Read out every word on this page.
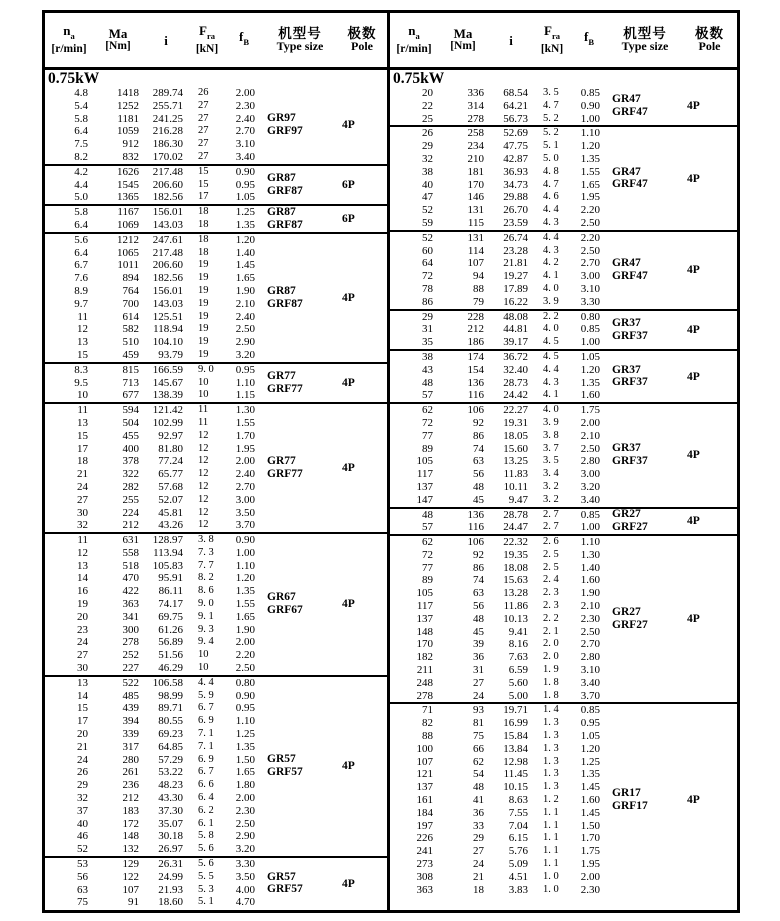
$n_a$
[r/min]
Ma
[Nm]	i
$F_{ra}$
[kN]
$f_B$
机型号
Type size
极数
Pole
0.75kW
4.8	1418	289.74	26	2.00
5.4	1252	255.71	27	2.30
5.8	1181	241.25	27	2.40
6.4	1059	216.28	27	2.70
7.5	912	186.30	27	3.10
8.2	832	170.02	27	3.40
GR97
GRF97	4P
4.2	1626	217.48	15	0.90
4.4	1545	206.60	15	0.95
5.0	1365	182.56	17	1.05
GR87
GRF87	6P
5.8	1167	156.01	18	1.25
6.4	1069	143.03	18	1.35
GR87
GRF87	6P
5.6	1212	247.61	18	1.20
6.4	1065	217.48	18	1.40
6.7	1011	206.60	19	1.45
7.6	894	182.56	19	1.65
8.9	764	156.01	19	1.90
9.7	700	143.03	19	2.10
11	614	125.51	19	2.40
12	582	118.94	19	2.50
13	510	104.10	19	2.90
15	459	93.79	19	3.20
GR87
GRF87	4P
8.3	815	166.59	9. 0	0.95
9.5	713	145.67	10	1.10
10	677	138.39	10	1.15
GR77
GRF77	4P
11	594	121.42	11	1.30
13	504	102.99	11	1.55
15	455	92.97	12	1.70
17	400	81.80	12	1.95
18	378	77.24	12	2.00
21	322	65.77	12	2.40
24	282	57.68	12	2.70
27	255	52.07	12	3.00
30	224	45.81	12	3.50
32	212	43.26	12	3.70
GR77
GRF77	4P
11	631	128.97	3. 8	0.90
12	558	113.94	7. 3	1.00
13	518	105.83	7. 7	1.10
14	470	95.91	8. 2	1.20
16	422	86.11	8. 6	1.35
19	363	74.17	9. 0	1.55
20	341	69.75	9. 1	1.65
23	300	61.26	9. 3	1.90
24	278	56.89	9. 4	2.00
27	252	51.56	10	2.20
30	227	46.29	10	2.50
GR67
GRF67	4P
13	522	106.58	4. 4	0.80
14	485	98.99	5. 9	0.90
15	439	89.71	6. 7	0.95
17	394	80.55	6. 9	1.10
20	339	69.23	7. 1	1.25
21	317	64.85	7. 1	1.35
24	280	57.29	6. 9	1.50
26	261	53.22	6. 7	1.65
29	236	48.23	6. 6	1.80
32	212	43.30	6. 4	2.00
37	183	37.30	6. 2	2.30
40	172	35.07	6. 1	2.50
46	148	30.18	5. 8	2.90
52	132	26.97	5. 6	3.20
GR57
GRF57	4P
53	129	26.31	5. 6	3.30
56	122	24.99	5. 5	3.50
63	107	21.93	5. 3	4.00
75	91	18.60	5. 1	4.70
GR57
GRF57	4P
$n_a$
[r/min]
Ma
[Nm]	i
$F_{ra}$
[kN]
$f_B$
机型号
Type size
极数
Pole
0.75kW
20	336	68.54	3. 5	0.85
22	314	64.21	4. 7	0.90
25	278	56.73	5. 2	1.00
GR47
GRF47	4P
26	258	52.69	5. 2	1.10
29	234	47.75	5. 1	1.20
32	210	42.87	5. 0	1.35
38	181	36.93	4. 8	1.55
40	170	34.73	4. 7	1.65
47	146	29.88	4. 6	1.95
52	131	26.70	4. 4	2.20
59	115	23.59	4. 3	2.50
GR47
GRF47	4P
52	131	26.74	4. 4	2.20
60	114	23.28	4. 3	2.50
64	107	21.81	4. 2	2.70
72	94	19.27	4. 1	3.00
78	88	17.89	4. 0	3.10
86	79	16.22	3. 9	3.30
GR47
GRF47	4P
29	228	48.08	2. 2	0.80
31	212	44.81	4. 0	0.85
35	186	39.17	4. 5	1.00
GR37
GRF37	4P
38	174	36.72	4. 5	1.05
43	154	32.40	4. 4	1.20
48	136	28.73	4. 3	1.35
57	116	24.42	4. 1	1.60
GR37
GRF37	4P
62	106	22.27	4. 0	1.75
72	92	19.31	3. 9	2.00
77	86	18.05	3. 8	2.10
89	74	15.60	3. 7	2.50
105	63	13.25	3. 5	2.80
117	56	11.83	3. 4	3.00
137	48	10.11	3. 2	3.20
147	45	9.47	3. 2	3.40
GR37
GRF37	4P
48	136	28.78	2. 7	0.85
57	116	24.47	2. 7	1.00
GR27
GRF27	4P
62	106	22.32	2. 6	1.10
72	92	19.35	2. 5	1.30
77	86	18.08	2. 5	1.40
89	74	15.63	2. 4	1.60
105	63	13.28	2. 3	1.90
117	56	11.86	2. 3	2.10
137	48	10.13	2. 2	2.30
148	45	9.41	2. 1	2.50
170	39	8.16	2. 0	2.70
182	36	7.63	2. 0	2.80
211	31	6.59	1. 9	3.10
248	27	5.60	1. 8	3.40
278	24	5.00	1. 8	3.70
GR27
GRF27	4P
71	93	19.71	1. 4	0.85
82	81	16.99	1. 3	0.95
88	75	15.84	1. 3	1.05
100	66	13.84	1. 3	1.20
107	62	12.98	1. 3	1.25
121	54	11.45	1. 3	1.35
137	48	10.15	1. 3	1.45
161	41	8.63	1. 2	1.60
184	36	7.55	1. 1	1.45
197	33	7.04	1. 1	1.50
226	29	6.15	1. 1	1.70
241	27	5.76	1. 1	1.75
273	24	5.09	1. 1	1.95
308	21	4.51	1. 0	2.00
363	18	3.83	1. 0	2.30
GR17
GRF17	4P
